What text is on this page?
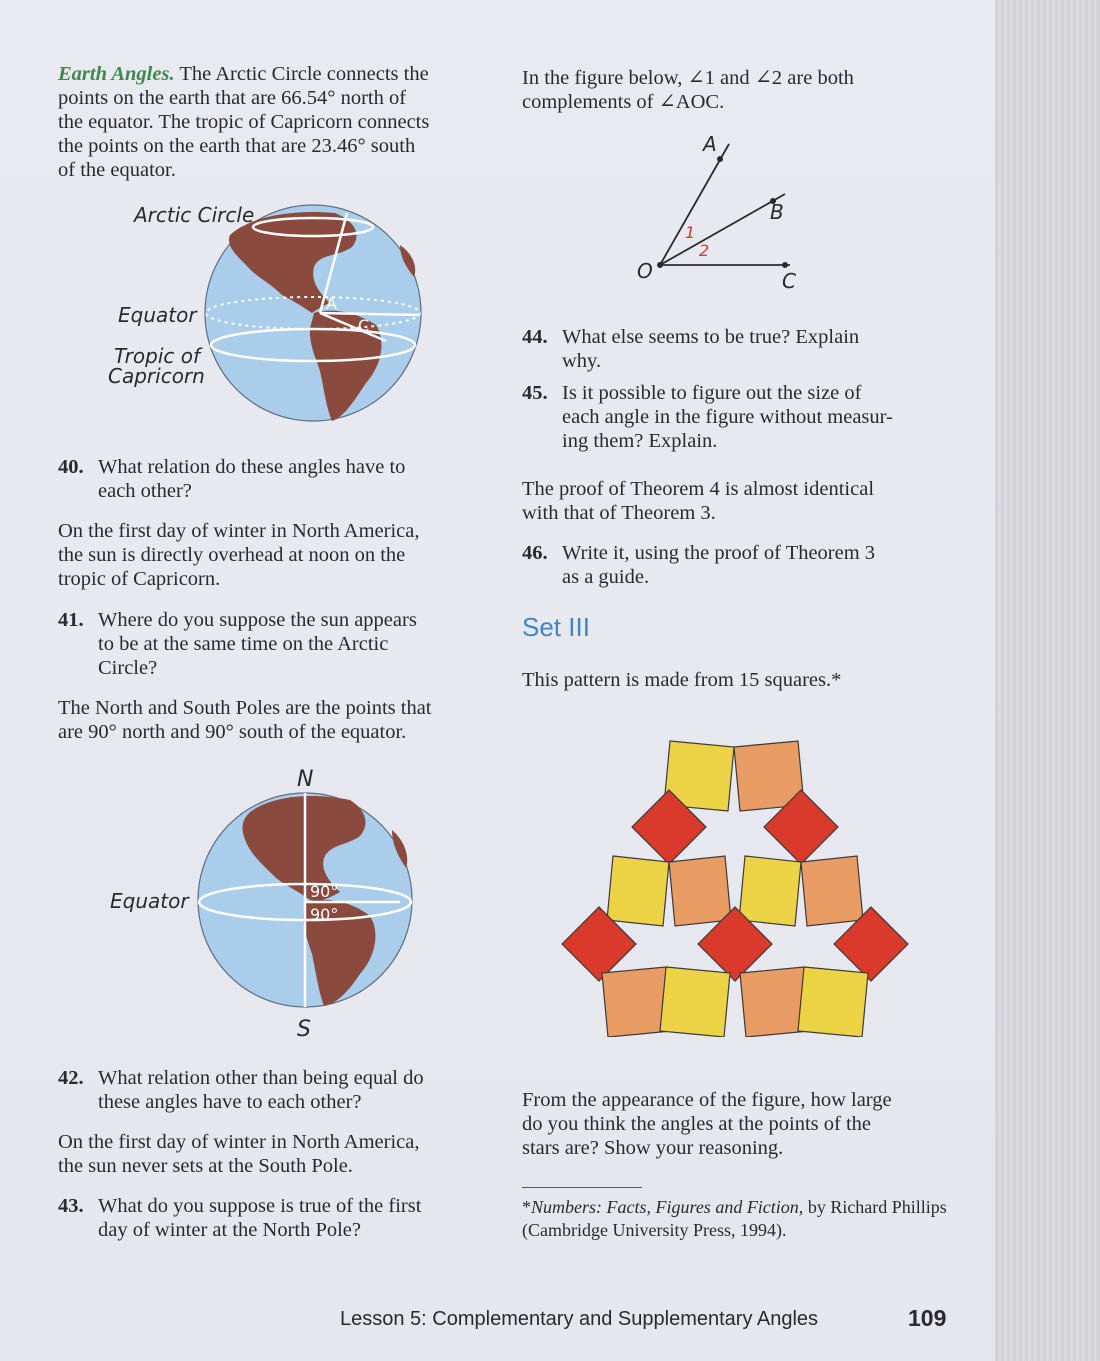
Earth Angles. The Arctic Circle connects the
points on the earth that are 66.54° north of
the equator. The tropic of Capricorn connects
the points on the earth that are 23.46° south
of the equator.

Arctic Circle
Equator
Tropic of
Capricorn
A
C
40. What relation do these angles have to
each other?

On the first day of winter in North America,
the sun is directly overhead at noon on the
tropic of Capricorn.

41. Where do you suppose the sun appears
to be at the same time on the Arctic
Circle?

The North and South Poles are the points that
are 90° north and 90° south of the equator.

N
S
Equator	90°
90°
42. What relation other than being equal do
these angles have to each other?

On the first day of winter in North America,
the sun never sets at the South Pole.

43. What do you suppose is true of the first
day of winter at the North Pole?

In the figure below, ∠1 and ∠2 are both
complements of ∠AOC.

A
B
C
O
1
2
44. What else seems to be true? Explain
why.
45. Is it possible to figure out the size of
each angle in the figure without measur-
ing them? Explain.

The proof of Theorem 4 is almost identical
with that of Theorem 3.

46. Write it, using the proof of Theorem 3
as a guide.
Set III

This pattern is made from 15 squares.*

From the appearance of the figure, how large
do you think the angles at the points of the
stars are? Show your reasoning.

*Numbers: Facts, Figures and Fiction, by Richard Phillips
(Cambridge University Press, 1994).

Lesson 5: Complementary and Supplementary Angles	109
